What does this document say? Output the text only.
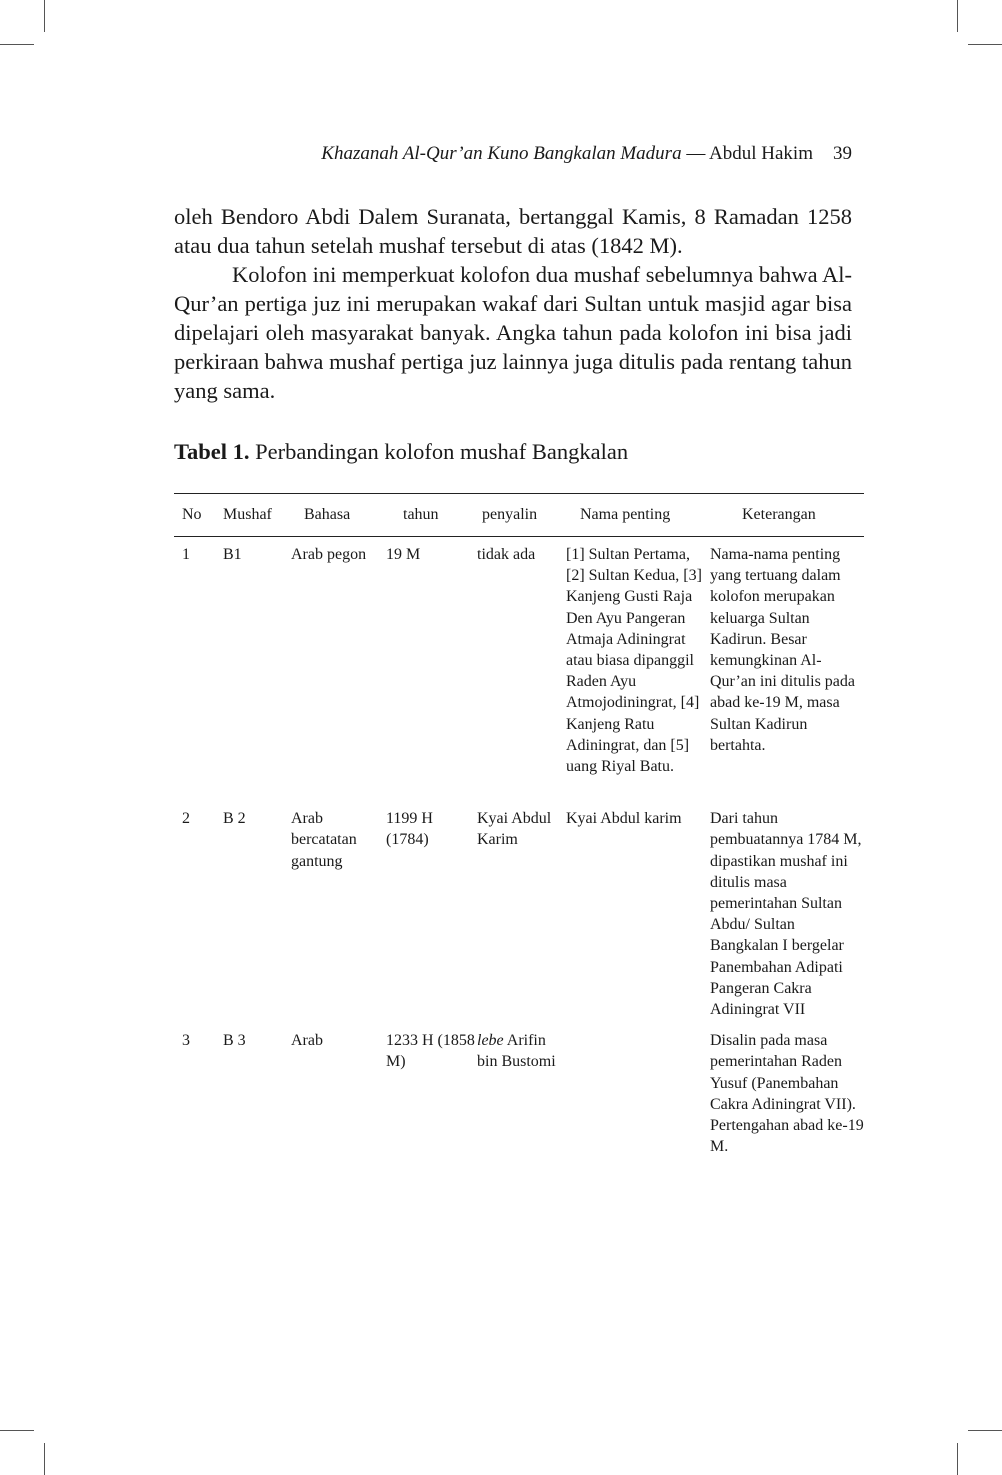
Khazanah Al-Qur’an Kuno Bangkalan Madura — Abdul Hakim 39

oleh Bendoro Abdi Dalem Suranata, bertanggal Kamis, 8 Ramadan 1258 atau dua tahun setelah mushaf tersebut di atas (1842 M).

Kolofon ini memperkuat kolofon dua mushaf sebelumnya bahwa Al-Qur’an pertiga juz ini merupakan wakaf dari Sultan untuk masjid agar bisa dipelajari oleh masyarakat banyak. Angka tahun pada kolofon ini bisa jadi perkiraan bahwa mushaf pertiga juz lainnya juga ditulis pada rentang tahun yang sama.

Tabel 1. Perbandingan kolofon mushaf Bangkalan
No	Mushaf	Bahasa	tahun	penyalin	Nama penting	Keterangan
1	B1	Arab pegon	19 M	tidak ada	[1] Sultan Pertama, [2] Sultan Kedua, [3] Kanjeng Gusti Raja Den Ayu Pangeran Atmaja Adiningrat atau biasa dipanggil Raden Ayu Atmojodiningrat, [4] Kanjeng Ratu Adiningrat, dan [5] uang Riyal Batu.	Nama-nama penting yang tertuang dalam kolofon merupakan keluarga Sultan Kadirun. Besar kemungkinan Al-Qur’an ini ditulis pada abad ke-19 M, masa Sultan Kadirun bertahta.
2	B 2	Arab bercatatan gantung	1199 H (1784)	Kyai Abdul Karim	Kyai Abdul karim	Dari tahun pembuatannya 1784 M, dipastikan mushaf ini ditulis masa pemerintahan Sultan Abdu/ Sultan Bangkalan I bergelar Panembahan Adipati Pangeran Cakra Adiningrat VII
3	B 3	Arab	1233 H (1858 M)	lebe Arifin bin Bustomi		Disalin pada masa pemerintahan Raden Yusuf (Panembahan Cakra Adiningrat VII). Pertengahan abad ke-19 M.
